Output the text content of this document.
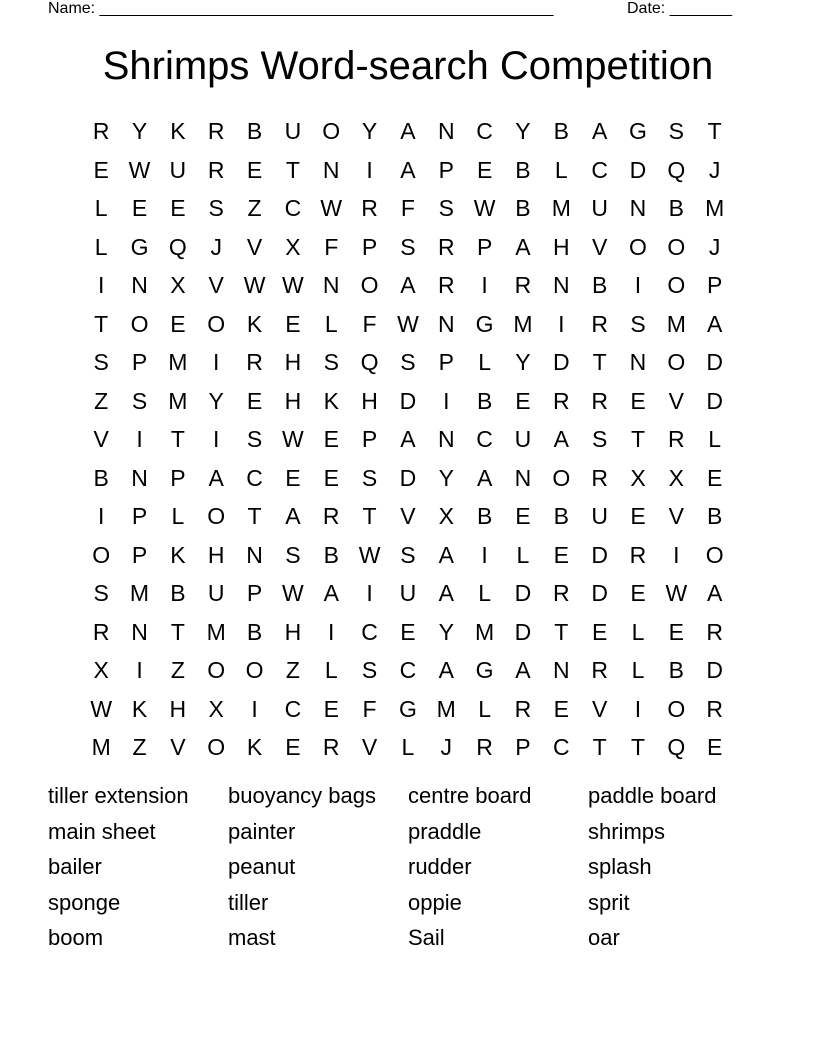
Name: ___________________________________________________	Date: _______
Shrimps Word-search Competition
R Y	K R B U O Y	A N C Y	B	A G S	T
E W U R E	T	N	I	A	P	E	B	L	C D Q	J
L	E	E	S	Z	C W R	F	S W B M U N B M
L	G Q	J	V	X	F	P	S R P	A H V O O	J
I	N X	V W W N O A R	I	R N B	I	O P
T O E O K	E	L	F W N G M	I	R S M A
S	P M	I	R H S Q S	P	L	Y D	T	N O D
Z	S M Y	E H K H D	I	B	E R R E	V D
V	I	T	I	S W E	P	A N C U A	S	T	R	L
B N P	A C E	E	S D Y	A N O R X	X	E
I	P	L	O T	A R	T	V	X	B	E	B U E	V	B
O P	K H N S	B W S	A	I	L	E D R	I	O
S M B U P W A	I	U A	L	D R D E W A
R N	T M B H	I	C E	Y M D	T	E	L	E R
X	I	Z O O Z	L	S C A G A N R	L	B D
W K H X	I	C E	F G M L	R E	V	I	O R
M Z	V O K	E R V	L	J	R P C	T	T Q E
tiller extension	buoyancy bags	centre board	paddle board
main sheet	painter	praddle	shrimps
bailer	peanut	rudder	splash
sponge	tiller	oppie	sprit
boom	mast	Sail	oar
